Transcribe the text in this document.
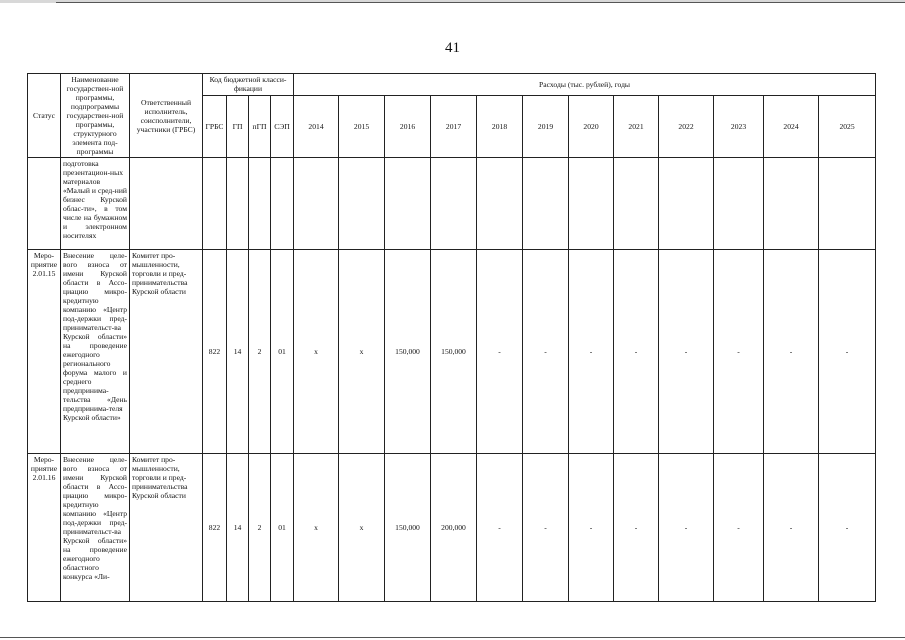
41
Статус	Наименование государствен-ной программы, подпрограммы государствен-ной программы, структурного элемента под-программы	Ответственный исполнитель, соисполнители, участники (ГРБС)	Код бюджетной класси-фикации				Расходы (тыс. рублей), годы											
			ГРБС	ГП	пГП	СЭП	2014	2015	2016	2017	2018	2019	2020	2021	2022	2023	2024	2025
	подготовка презентацион-ных материалов «Малый и сред-ний бизнес Курской облас-ти», в том числе на бумажном и электронном носителях																	
Меро-приятие 2.01.15	Внесение целе-вого взноса от имени Курской области в Ассо-циацию микро-кредитную компанию «Центр под-держки пред-принимательст-ва Курской области» на проведение ежегодного регионального форума малого и среднего предпринима-тельства «День предпринима-теля Курской области»	Комитет про-мышленности, торговли и пред-принимательства Курской области	822	14	2	01	х	х	150,000	150,000	-	-	-	-	-	-	-	-
Меро-приятие 2.01.16	Внесение целе-вого взноса от имени Курской области в Ассо-циацию микро-кредитную компанию «Центр под-держки пред-принимательст-ва Курской области» на проведение ежегодного областного конкурса «Ли-	Комитет про-мышленности, торговли и пред-принимательства Курской области	822	14	2	01	х	х	150,000	200,000	-	-	-	-	-	-	-	-
